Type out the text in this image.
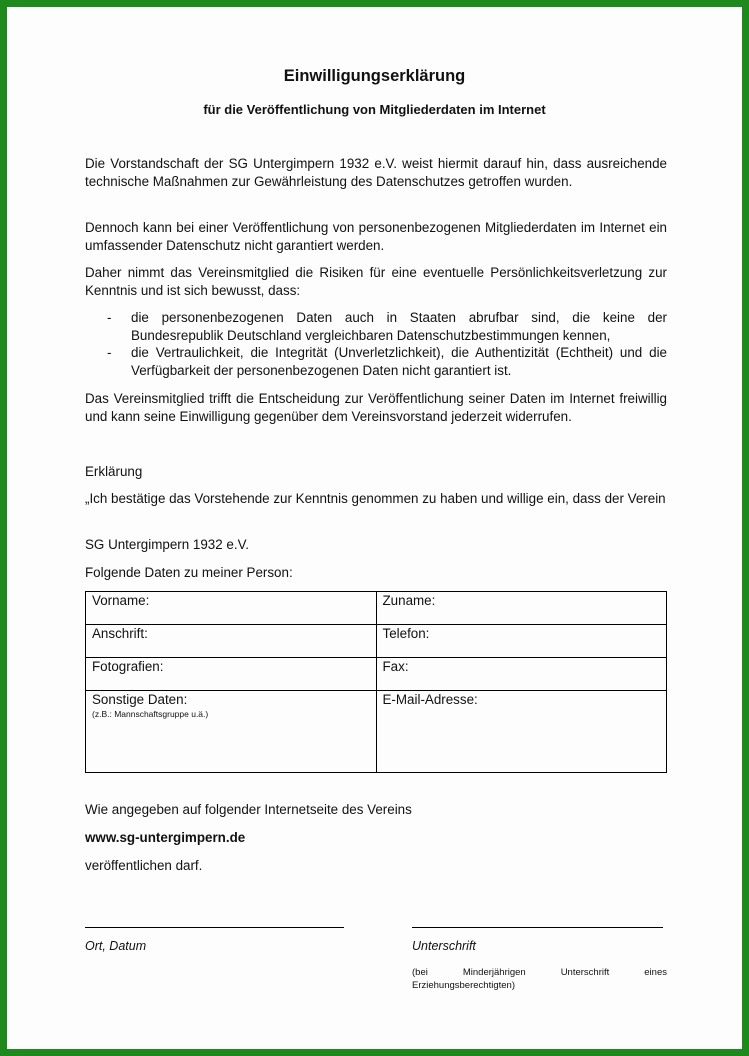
Einwilligungserklärung
für die Veröffentlichung von Mitgliederdaten im Internet
Die Vorstandschaft der SG Untergimpern 1932 e.V. weist hiermit darauf hin, dass ausreichende technische Maßnahmen zur Gewährleistung des Datenschutzes getroffen wurden.
Dennoch kann bei einer Veröffentlichung von personenbezogenen Mitgliederdaten im Internet ein umfassender Datenschutz nicht garantiert werden.
Daher nimmt das Vereinsmitglied die Risiken für eine eventuelle Persönlichkeitsverletzung zur Kenntnis und ist sich bewusst, dass:
- die personenbezogenen Daten auch in Staaten abrufbar sind, die keine der Bundesrepublik Deutschland vergleichbaren Datenschutzbestimmungen kennen,
- die Vertraulichkeit, die Integrität (Unverletzlichkeit), die Authentizität (Echtheit) und die Verfügbarkeit der personenbezogenen Daten nicht garantiert ist.
Das Vereinsmitglied trifft die Entscheidung zur Veröffentlichung seiner Daten im Internet freiwillig und kann seine Einwilligung gegenüber dem Vereinsvorstand jederzeit widerrufen.
Erklärung
„Ich bestätige das Vorstehende zur Kenntnis genommen zu haben und willige ein, dass der Verein
SG Untergimpern 1932 e.V.
Folgende Daten zu meiner Person:
Vorname:	Zuname:
Anschrift:	Telefon:
Fotografien:	Fax:
Sonstige Daten:
(z.B.: Mannschaftsgruppe u.ä.)	E-Mail-Adresse:
Wie angegeben auf folgender Internetseite des Vereins
www.sg-untergimpern.de
veröffentlichen darf.
Ort, Datum	Unterschrift
(bei Minderjährigen Unterschrift eines Erziehungsberechtigten)
